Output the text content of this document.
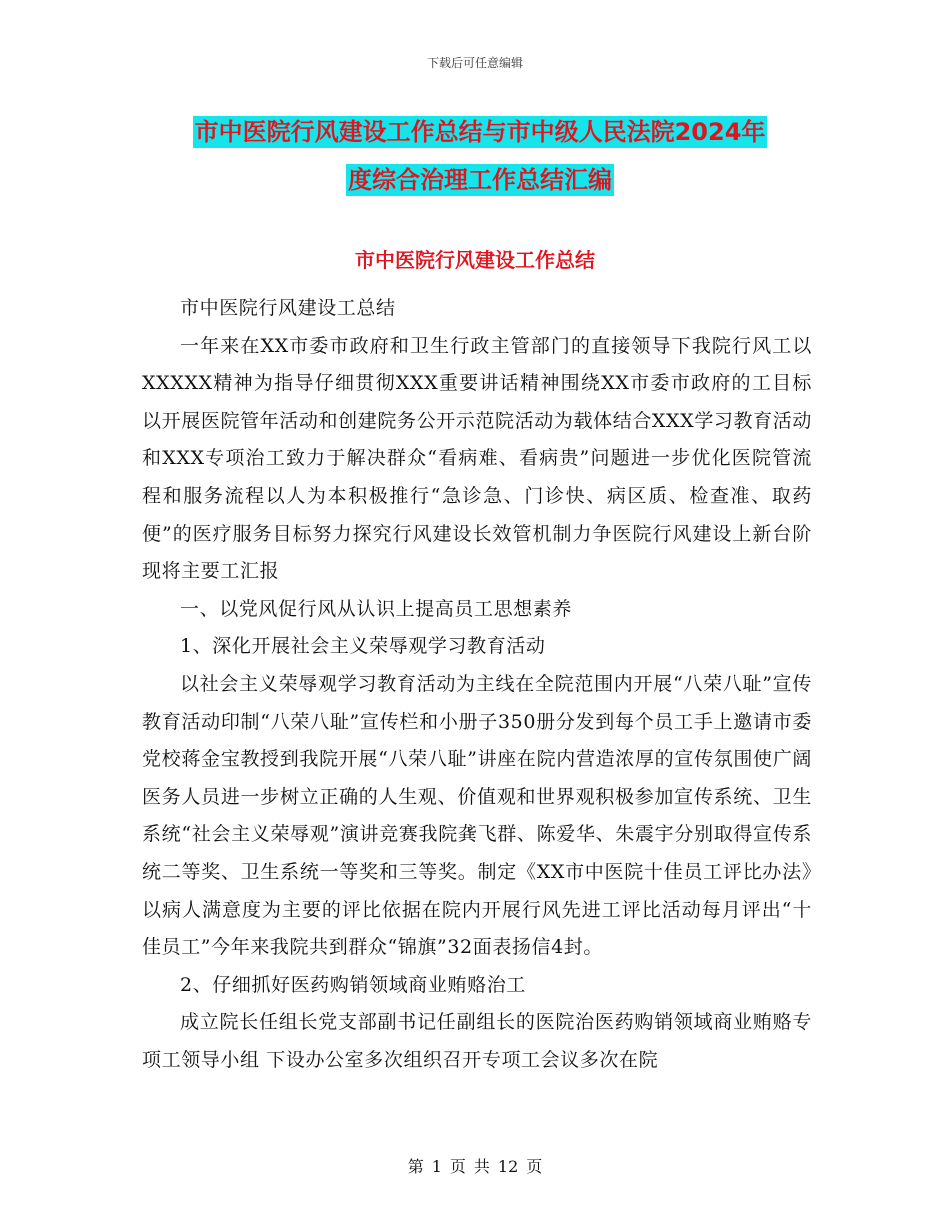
下载后可任意编辑
市中医院行风建设工作总结与市中级人民法院2024年
度综合治理工作总结汇编
市中医院行风建设工作总结

市中医院行风建设工总结

一年来在XX市委市政府和卫生行政主管部门的直接领导下我院行风工以XXXXX精神为指导仔细贯彻XXX重要讲话精神围绕XX市委市政府的工目标以开展医院管年活动和创建院务公开示范院活动为载体结合XXX学习教育活动和XXX专项治工致力于解决群众“看病难、看病贵”问题进一步优化医院管流程和服务流程以人为本积极推行“急诊急、门诊快、病区质、检查准、取药便”的医疗服务目标努力探究行风建设长效管机制力争医院行风建设上新台阶现将主要工汇报

一、以党风促行风从认识上提高员工思想素养

1、深化开展社会主义荣辱观学习教育活动

以社会主义荣辱观学习教育活动为主线在全院范围内开展“八荣八耻”宣传教育活动印制“八荣八耻”宣传栏和小册子350册分发到每个员工手上邀请市委党校蒋金宝教授到我院开展“八荣八耻”讲座在院内营造浓厚的宣传氛围使广阔医务人员进一步树立正确的人生观、价值观和世界观积极参加宣传系统、卫生系统“社会主义荣辱观”演讲竞赛我院龚飞群、陈爱华、朱震宇分别取得宣传系统二等奖、卫生系统一等奖和三等奖。制定《XX市中医院十佳员工评比办法》以病人满意度为主要的评比依据在院内开展行风先进工评比活动每月评出“十佳员工”今年来我院共到群众“锦旗”32面表扬信4封。

2、仔细抓好医药购销领域商业贿赂治工

成立院长任组长党支部副书记任副组长的医院治医药购销领域商业贿赂专项工领导小组 下设办公室多次组织召开专项工会议多次在院

第 1 页 共 12 页
